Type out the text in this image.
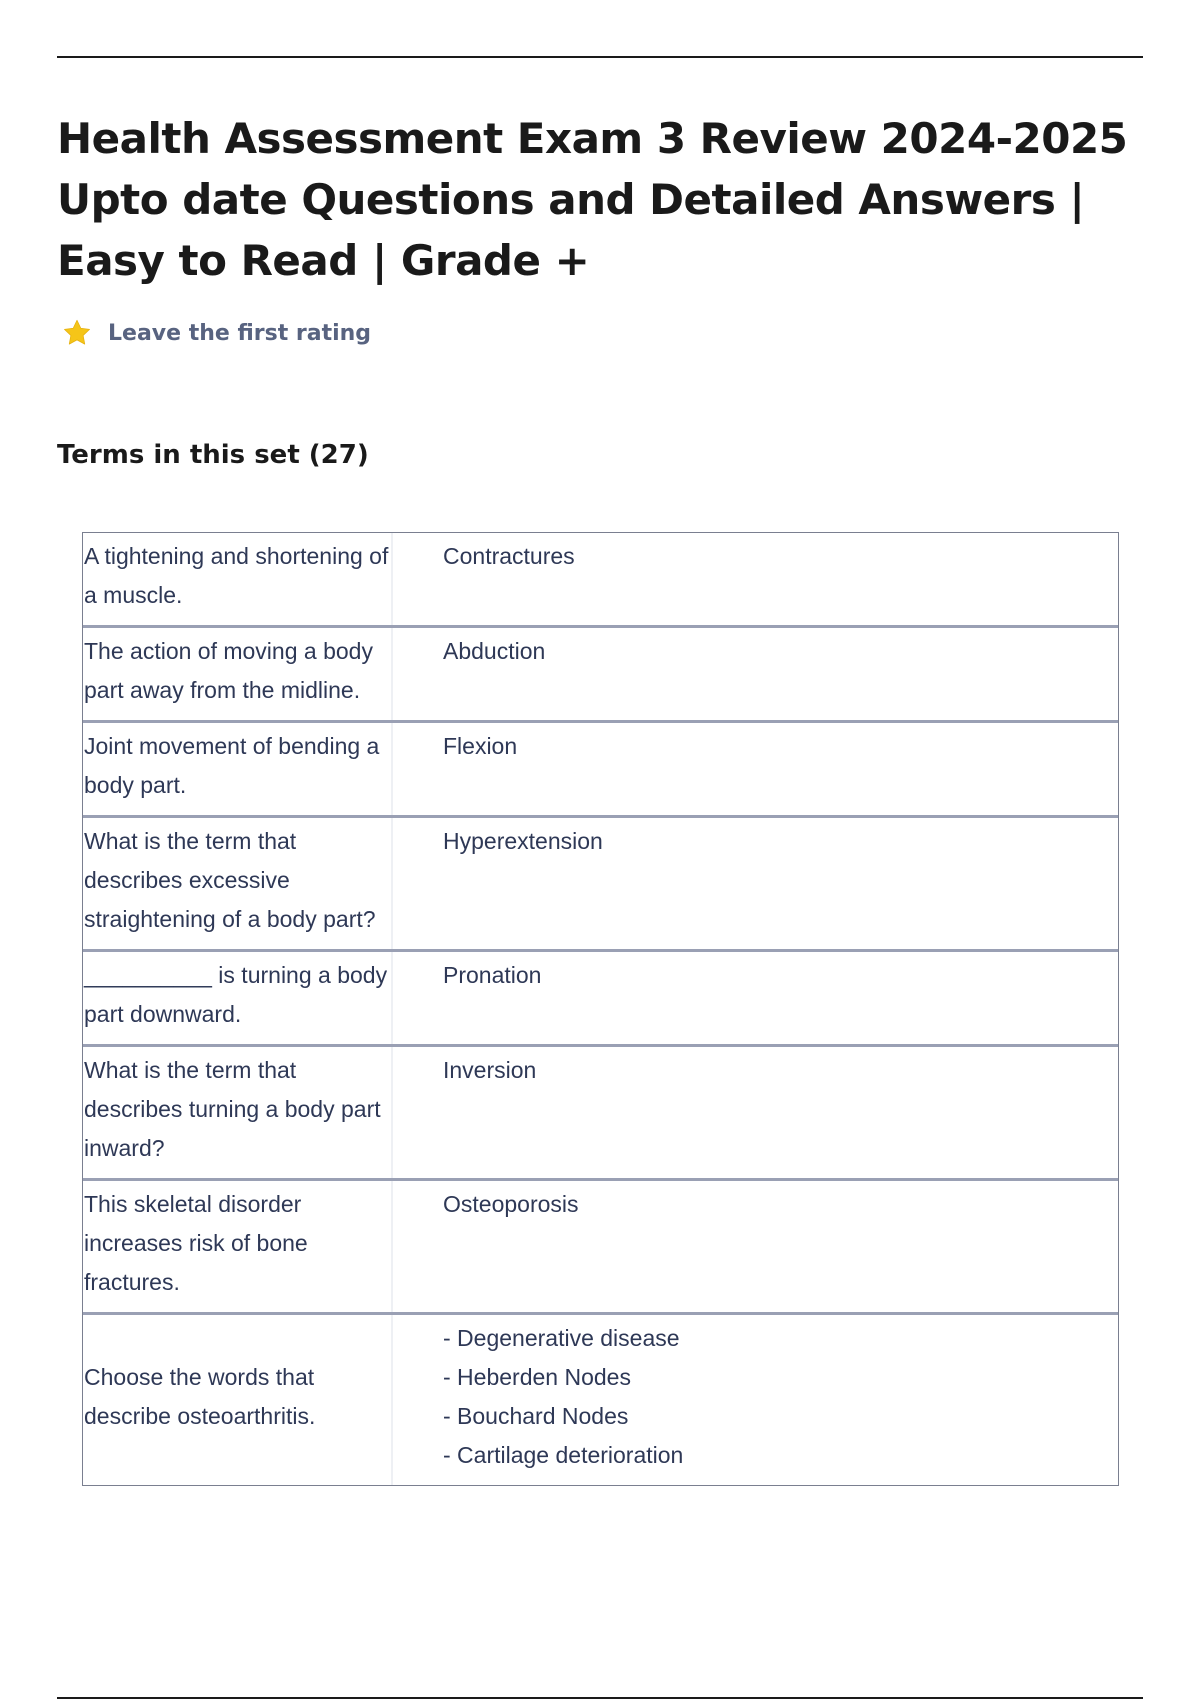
Health Assessment Exam 3 Review 2024-2025 Upto date Questions and Detailed Answers | Easy to Read | Grade +
Leave the first rating
Terms in this set (27)
A tightening and shortening of a muscle.
Contractures
The action of moving a body part away from the midline.
Abduction
Joint movement of bending a body part.
Flexion
What is the term that describes excessive straightening of a body part?
Hyperextension
__________ is turning a body part downward.
Pronation
What is the term that describes turning a body part inward?
Inversion
This skeletal disorder increases risk of bone fractures.
Osteoporosis
Choose the words that describe osteoarthritis.
- Degenerative disease
- Heberden Nodes
- Bouchard Nodes
- Cartilage deterioration
